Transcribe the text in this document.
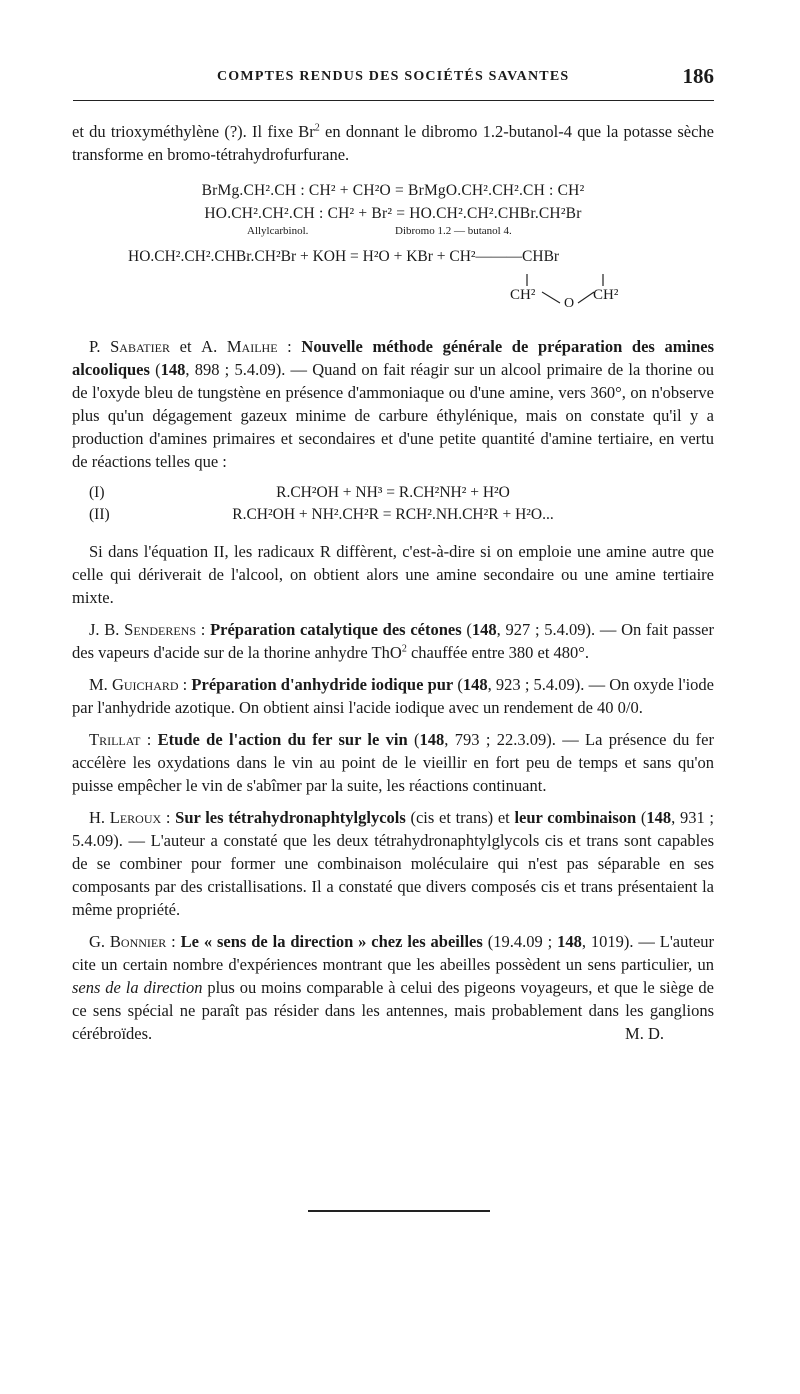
COMPTES RENDUS DES SOCIÉTÉS SAVANTES	186

et du trioxyméthylène (?). Il fixe Br$^2$ en donnant le dibromo 1.2-butanol-4 que la potasse sèche transforme en bromo-tétrahydrofurfurane.

BrMg.CH².CH : CH² + CH²O = BrMgO.CH².CH².CH : CH²

HO.CH².CH².CH : CH² + Br² = HO.CH².CH².CHBr.CH²Br

Allylcarbinol.	Dibromo 1.2 — butanol 4.
HO.CH².CH².CHBr.CH²Br + KOH = H²O + KBr + CH²———CHBr
CH²
O
CH²

P. Sabatier et A. Mailhe : Nouvelle méthode générale de préparation des amines alcooliques (148, 898 ; 5.4.09). — Quand on fait réagir sur un alcool primaire de la thorine ou de l'oxyde bleu de tungstène en présence d'ammoniaque ou d'une amine, vers 360°, on n'observe plus qu'un dégagement gazeux minime de carbure éthylénique, mais on constate qu'il y a production d'amines primaires et secondaires et d'une petite quantité d'amine tertiaire, en vertu de réactions telles que :

(I)	R.CH²OH + NH³ = R.CH²NH² + H²O
(II)	R.CH²OH + NH².CH²R = RCH².NH.CH²R + H²O...

Si dans l'équation II, les radicaux R diffèrent, c'est-à-dire si on emploie une amine autre que celle qui dériverait de l'alcool, on obtient alors une amine secondaire ou une amine tertiaire mixte.

J. B. Senderens : Préparation catalytique des cétones (148, 927 ; 5.4.09). — On fait passer des vapeurs d'acide sur de la thorine anhydre ThO$^2$ chauffée entre 380 et 480°.

M. Guichard : Préparation d'anhydride iodique pur (148, 923 ; 5.4.09). — On oxyde l'iode par l'anhydride azotique. On obtient ainsi l'acide iodique avec un rendement de 40 0/0.

Trillat : Etude de l'action du fer sur le vin (148, 793 ; 22.3.09). — La présence du fer accélère les oxydations dans le vin au point de le vieillir en fort peu de temps et sans qu'on puisse empêcher le vin de s'abîmer par la suite, les réactions continuant.

H. Leroux : Sur les tétrahydronaphtylglycols (cis et trans) et leur combinaison (148, 931 ; 5.4.09). — L'auteur a constaté que les deux tétrahydronaphtylglycols cis et trans sont capables de se combiner pour former une combinaison moléculaire qui n'est pas séparable en ses composants par des cristallisations. Il a constaté que divers composés cis et trans présentaient la même propriété.

G. Bonnier : Le « sens de la direction » chez les abeilles (19.4.09 ; 148, 1019). — L'auteur cite un certain nombre d'expériences montrant que les abeilles possèdent un sens particulier, un sens de la direction plus ou moins comparable à celui des pigeons voyageurs, et que le siège de ce sens spécial ne paraît pas résider dans les antennes, mais probablement dans les ganglions cérébroïdes.	M. D.
